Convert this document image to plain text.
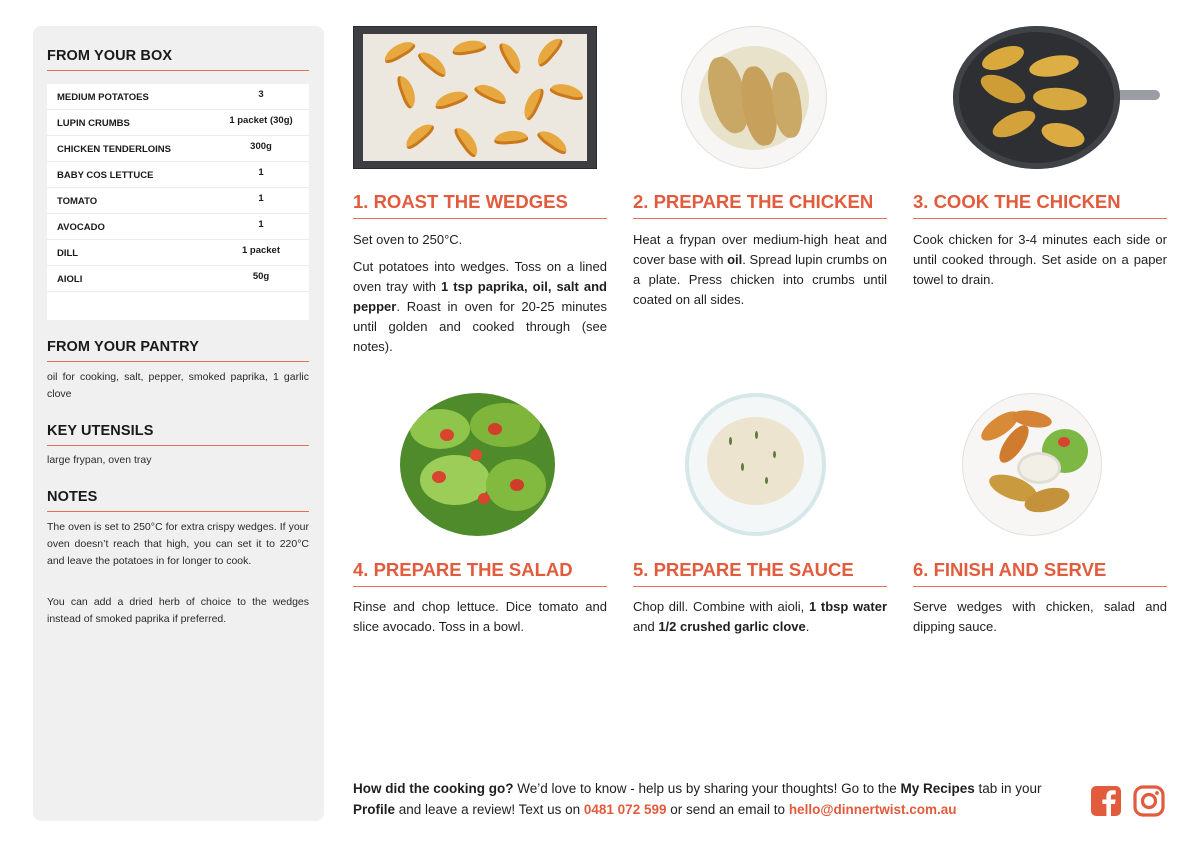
FROM YOUR BOX
MEDIUM POTATOES	3
LUPIN CRUMBS	1 packet (30g)
CHICKEN TENDERLOINS	300g
BABY COS LETTUCE	1
TOMATO	1
AVOCADO	1
DILL	1 packet
AIOLI	50g
FROM YOUR PANTRY
oil for cooking, salt, pepper, smoked paprika, 1 garlic clove
KEY UTENSILS
large frypan, oven tray
NOTES
The oven is set to 250°C for extra crispy wedges. If your oven doesn’t reach that high, you can set it to 220°C and leave the potatoes in for longer to cook.
You can add a dried herb of choice to the wedges instead of smoked paprika if preferred.
1. ROAST THE WEDGES

Set oven to 250°C.

Cut potatoes into wedges. Toss on a lined oven tray with 1 tsp paprika, oil, salt and pepper. Roast in oven for 20-25 minutes until golden and cooked through (see notes).

2. PREPARE THE CHICKEN

Heat a frypan over medium-high heat and cover base with oil. Spread lupin crumbs on a plate. Press chicken into crumbs until coated on all sides.

3. COOK THE CHICKEN

Cook chicken for 3-4 minutes each side or until cooked through. Set aside on a paper towel to drain.

4. PREPARE THE SALAD

Rinse and chop lettuce. Dice tomato and slice avocado. Toss in a bowl.

5. PREPARE THE SAUCE

Chop dill. Combine with aioli, 1 tbsp water and 1/2 crushed garlic clove.

6. FINISH AND SERVE

Serve wedges with chicken, salad and dipping sauce.

How did the cooking go? We’d love to know - help us by sharing your thoughts! Go to the My Recipes tab in your Profile and leave a review! Text us on 0481 072 599 or send an email to hello@dinnertwist.com.au
